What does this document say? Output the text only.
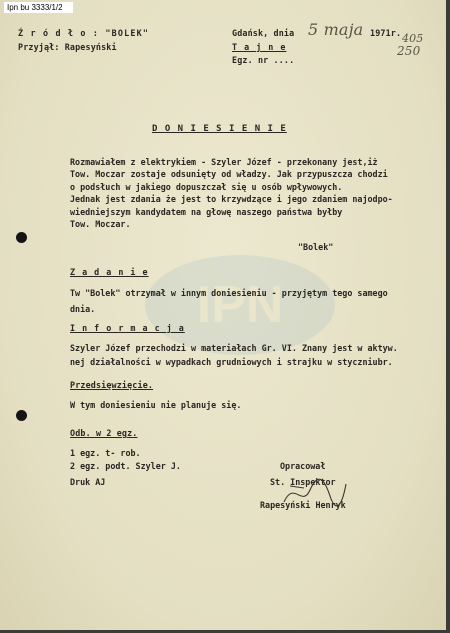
Ipn bu 3333/1/2
IPN
Ź r ó d ł o : "BOLEK"
Przyjął: Rapesyński
Gdańsk, dnia 5 maja 1971r. 405
T a j n e
Egz. nr ....
250
D O N I E S I E N I E
Rozmawiałem z elektrykiem - Szyler Józef - przekonany jest,iż
Tow. Moczar zostaje odsunięty od władzy. Jak przypuszcza chodzi
o podsłuch w jakiego dopuszczał się u osób wpływowych.
Jednak jest zdania że jest to krzywdzące i jego zdaniem najodpo-
wiedniejszym kandydatem na głowę naszego państwa byłby
Tow. Moczar.
"Bolek"
Z a d a n i e
Tw "Bolek" otrzymał w innym doniesieniu - przyjętym tego samego
dnia.
I n f o r m a c j a
Szyler Józef przechodzi w materiałach Gr. VI. Znany jest w aktyw.
nej działalności w wypadkach grudniowych i strajku w styczniubr.
Przedsięwzięcie.
W tym doniesieniu nie planuje się.
Odb. w 2 egz.
1 egz. t- rob.
2 egz. podt. Szyler J.
Druk AJ
Opracował
St. Inspektor
Rapesyński Henryk
